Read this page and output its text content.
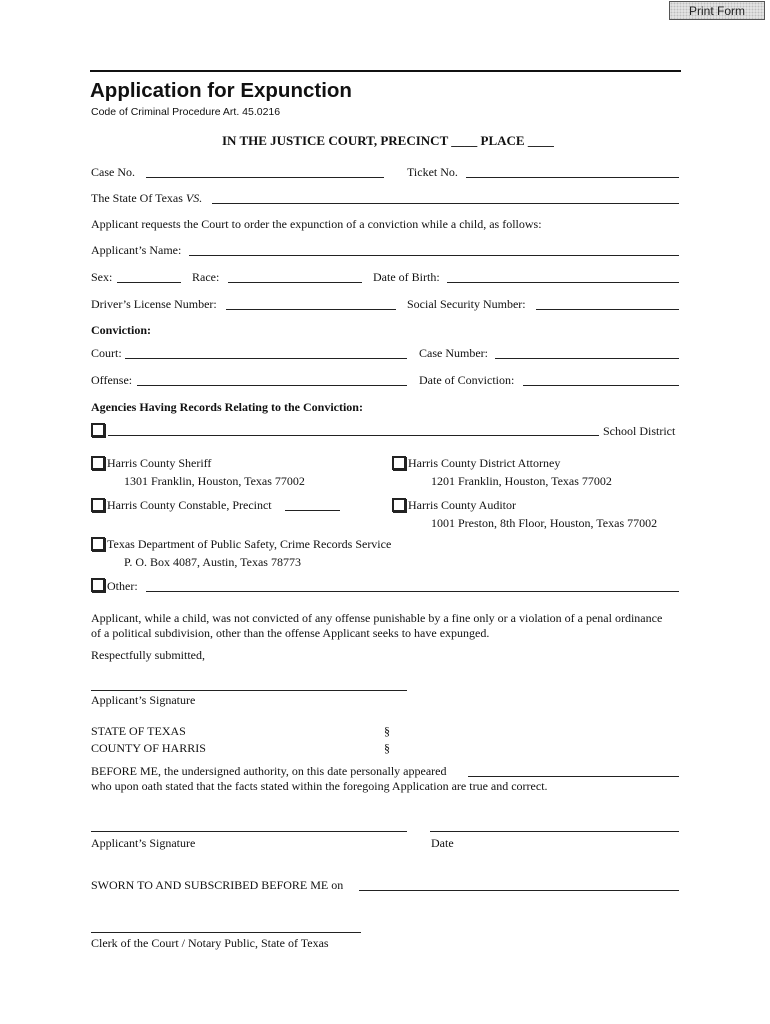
Print Form
Application for Expunction
Code of Criminal Procedure Art. 45.0216
IN THE JUSTICE COURT, PRECINCT ____ PLACE ____
Case No.	Ticket No.
The State Of Texas VS.
Applicant requests the Court to order the expunction of a conviction while a child, as follows:
Applicant’s Name:
Sex:	Race:	Date of Birth:
Driver’s License Number:	Social Security Number:
Conviction:
Court:	Case Number:
Offense:	Date of Conviction:
Agencies Having Records Relating to the Conviction:
School District
Harris County Sheriff
1301 Franklin, Houston, Texas 77002
Harris County District Attorney
1201 Franklin, Houston, Texas 77002
Harris County Constable, Precinct	Harris County Auditor
1001 Preston, 8th Floor, Houston, Texas 77002
Texas Department of Public Safety, Crime Records Service
P. O. Box 4087, Austin, Texas 78773
Other:
Applicant, while a child, was not convicted of any offense punishable by a fine only or a violation of a penal ordinance
of a political subdivision, other than the offense Applicant seeks to have expunged.
Respectfully submitted,
Applicant’s Signature
STATE OF TEXAS	§
COUNTY OF HARRIS	§
BEFORE ME, the undersigned authority, on this date personally appeared
who upon oath stated that the facts stated within the foregoing Application are true and correct.
Applicant’s Signature	Date
SWORN TO AND SUBSCRIBED BEFORE ME on
Clerk of the Court / Notary Public, State of Texas
